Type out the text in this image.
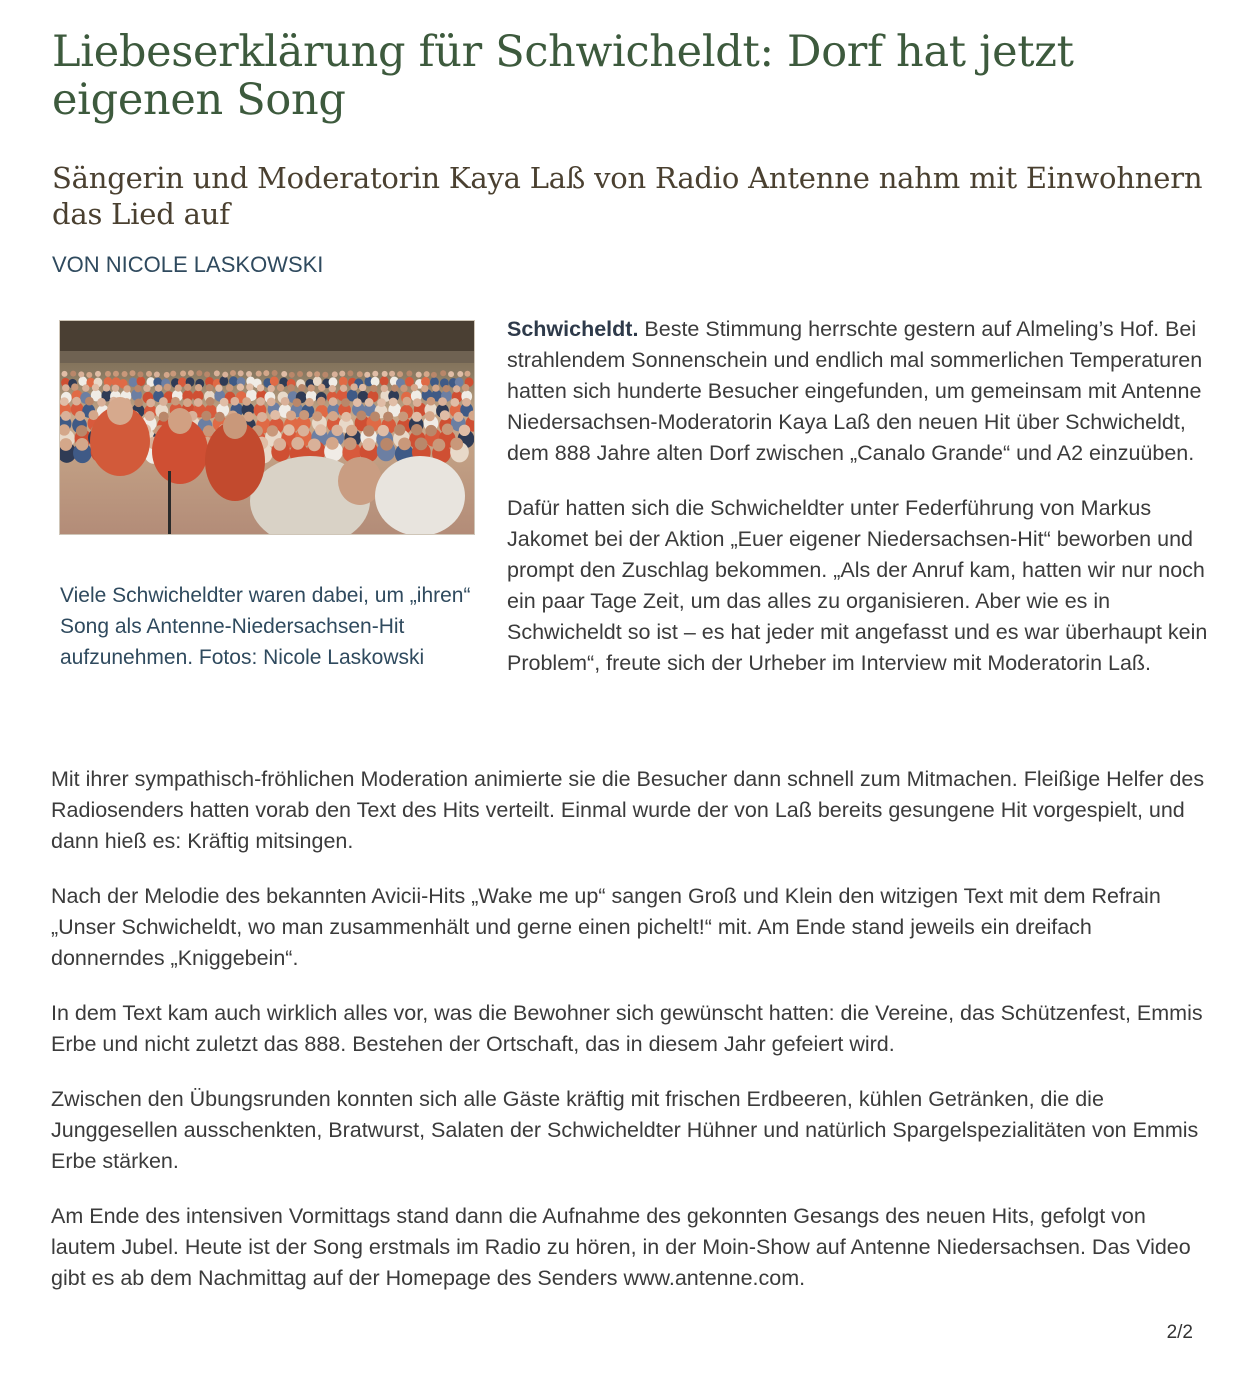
Liebeserklärung für Schwicheldt: Dorf hat jetzt eigenen Song
Sängerin und Moderatorin Kaya Laß von Radio Antenne nahm mit Einwohnern das Lied auf

VON NICOLE LASKOWSKI

Viele Schwicheldter waren dabei, um „ihren“ Song als Antenne-Niedersachsen-Hit aufzunehmen. Fotos: Nicole Laskowski

Schwicheldt. Beste Stimmung herrschte gestern auf Almeling’s Hof. Bei strahlendem Sonnenschein und endlich mal sommerlichen Temperaturen hatten sich hunderte Besucher eingefunden, um gemeinsam mit Antenne Niedersachsen-Moderatorin Kaya Laß den neuen Hit über Schwicheldt, dem 888 Jahre alten Dorf zwischen „Canalo Grande“ und A2 einzuüben.

Dafür hatten sich die Schwicheldter unter Federführung von Markus Jakomet bei der Aktion „Euer eigener Niedersachsen-Hit“ beworben und prompt den Zuschlag bekommen. „Als der Anruf kam, hatten wir nur noch ein paar Tage Zeit, um das alles zu organisieren. Aber wie es in Schwicheldt so ist – es hat jeder mit angefasst und es war überhaupt kein Problem“, freute sich der Urheber im Interview mit Moderatorin Laß.

Mit ihrer sympathisch-fröhlichen Moderation animierte sie die Besucher dann schnell zum Mitmachen. Fleißige Helfer des Radiosenders hatten vorab den Text des Hits verteilt. Einmal wurde der von Laß bereits gesungene Hit vorgespielt, und dann hieß es: Kräftig mitsingen.

Nach der Melodie des bekannten Avicii-Hits „Wake me up“ sangen Groß und Klein den witzigen Text mit dem Refrain „Unser Schwicheldt, wo man zusammenhält und gerne einen pichelt!“ mit. Am Ende stand jeweils ein dreifach donnerndes „Kniggebein“.

In dem Text kam auch wirklich alles vor, was die Bewohner sich gewünscht hatten: die Vereine, das Schützenfest, Emmis Erbe und nicht zuletzt das 888. Bestehen der Ortschaft, das in diesem Jahr gefeiert wird.

Zwischen den Übungsrunden konnten sich alle Gäste kräftig mit frischen Erdbeeren, kühlen Getränken, die die Junggesellen ausschenkten, Bratwurst, Salaten der Schwicheldter Hühner und natürlich Spargelspezialitäten von Emmis Erbe stärken.

Am Ende des intensiven Vormittags stand dann die Aufnahme des gekonnten Gesangs des neuen Hits, gefolgt von lautem Jubel. Heute ist der Song erstmals im Radio zu hören, in der Moin-Show auf Antenne Niedersachsen. Das Video gibt es ab dem Nachmittag auf der Homepage des Senders www.antenne.com.

2/2
